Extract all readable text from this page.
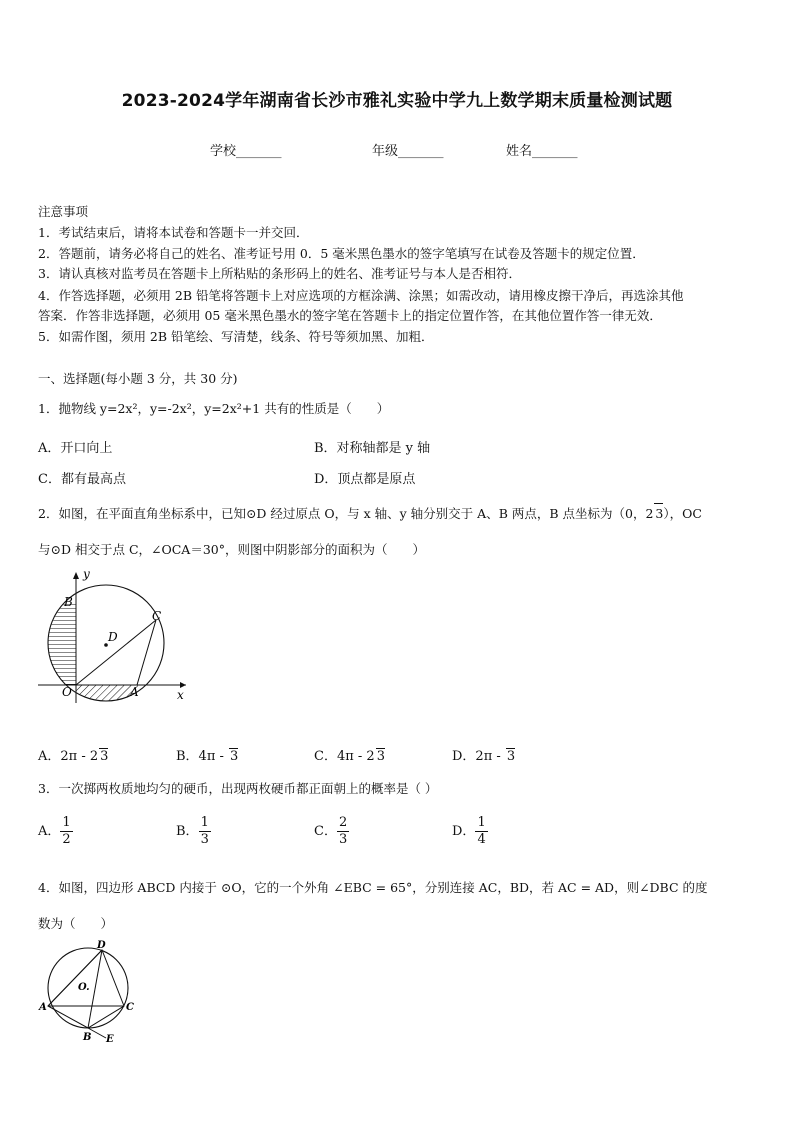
2023-2024学年湖南省长沙市雅礼实验中学九上数学期末质量检测试题
学校_______	年级_______	姓名_______
注意事项
1．考试结束后，请将本试卷和答题卡一并交回．
2．答题前，请务必将自己的姓名、准考证号用 0．5 毫米黑色墨水的签字笔填写在试卷及答题卡的规定位置．
3．请认真核对监考员在答题卡上所粘贴的条形码上的姓名、准考证号与本人是否相符．
4．作答选择题，必须用 2B 铅笔将答题卡上对应选项的方框涂满、涂黑；如需改动，请用橡皮擦干净后，再选涂其他
答案．作答非选择题，必须用 05 毫米黑色墨水的签字笔在答题卡上的指定位置作答，在其他位置作答一律无效．
5．如需作图，须用 2B 铅笔绘、写清楚，线条、符号等须加黑、加粗．
一、选择题(每小题 3 分，共 30 分)
1．抛物线 y=2x²，y=-2x²，y=2x²+1 共有的性质是（　　）
A．开口向上	B．对称轴都是 y 轴
C．都有最高点	D．顶点都是原点
2．如图，在平面直角坐标系中，已知⊙D 经过原点 O，与 x 轴、y 轴分别交于 A、B 两点，B 点坐标为（0，2 3），OC
与⊙D 相交于点 C，∠OCA＝30°，则图中阴影部分的面积为（　　）
y
x
B
C
D
O	A
A．2π - 2 3	B．4π - 3	C．4π - 2 3	D．2π - 3
3．一次掷两枚质地均匀的硬币，出现两枚硬币都正面朝上的概率是（ ）
A． $\frac{1}{2}$	B． $\frac{1}{3}$	C． $\frac{2}{3}$	D． $\frac{1}{4}$
4．如图，四边形 ABCD 内接于 ⊙O，它的一个外角 ∠EBC = 65°，分别连接 AC，BD，若 AC = AD，则∠DBC 的度
数为（　　）
D
O.
A	C
B E
